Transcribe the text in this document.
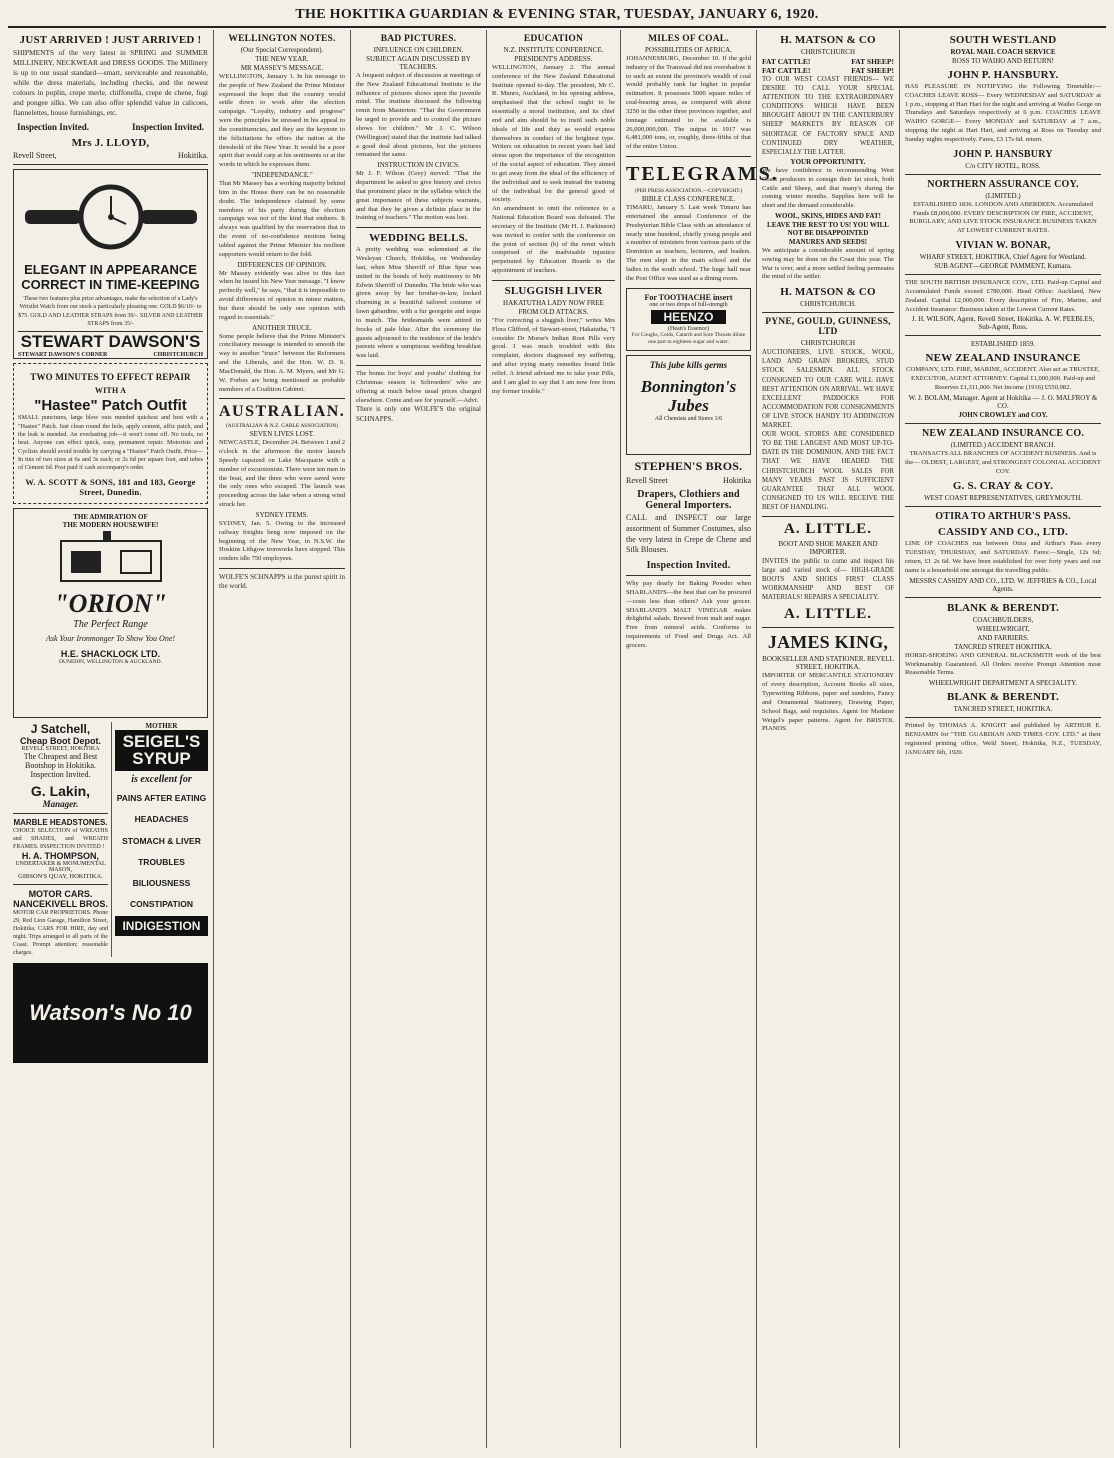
THE HOKITIKA GUARDIAN & EVENING STAR, TUESDAY, JANUARY 6, 1920.
JUST ARRIVED ! JUST ARRIVED !

SHIPMENTS of the very latest in SPRING and SUMMER MILLINERY, NECKWEAR and DRESS GOODS. The Millinery is up to our usual standard—smart, serviceable and reasonable, while the dress materials, including checks, and the newest colours in poplin, crepe merle, chiffonella, crepe de chene, fugi and pongee silks. We can also offer splendid value in calicoes, flannelettes, house furnishings, etc.

Inspection Invited.	Inspection Invited.
Mrs J. LLOYD,
Revell Street,	Hokitika.
ELEGANT IN APPEARANCE
CORRECT IN TIME-KEEPING

These two features plus price advantages, make the selection of a Lady's Wristlet Watch from our stock a particularly pleasing one. GOLD $6/10/- to $75. GOLD AND LEATHER STRAPS from 30/-. SILVER AND LEATHER STRAPS from 35/-

STEWART DAWSON'S
STEWART DAWSON'S CORNER	CHRISTCHURCH
TWO MINUTES TO EFFECT REPAIR
WITH A
"Hastee" Patch Outfit

SMALL punctures, large blow outs mended quickest and best with a "Hastee" Patch. Just clean round the hole, apply cement, affix patch, and the leak is mended. An everlasting job—it won't come off. No tools, no heat. Anyone can effect quick, easy, permanent repair. Motorists and Cyclists should avoid trouble by carrying a "Hastee" Patch Outfit. Price—In tins of two sizes at 6s and 3s each; or 2s 6d per square foot, and tubes of Cement 6d. Post paid if cash accompany's order.

W. A. SCOTT & SONS, 181 and 183, George Street, Dunedin.
THE ADMIRATION OF
THE MODERN HOUSEWIFE!
"ORION"
The Perfect Range
Ask Your Ironmonger To Show You One!
H.E. SHACKLOCK LTD.
DUNEDIN, WELLINGTON & AUCKLAND.
J Satchell,
Cheap Boot Depot.
REVELL STREET, HOKITIKA
The Cheapest and Best Bootshop in Hokitika.
Inspection Invited.
G. Lakin,
Manager.
MARBLE HEADSTONES.

CHOICE SELECTION of WREATHS and SHADES, and WREATH FRAMES. INSPECTION INVITED !

H. A. THOMPSON,
UNDERTAKER & MONUMENTAL MASON,
GIBSON'S QUAY, HOKITIKA.
MOTOR CARS.
NANCEKIVELL BROS.

MOTOR CAR PROPRIETORS. Phone 29, Red Lion Garage, Hamilton Street, Hokitika. CARS FOR HIRE, day and night. Trips arranged to all parts of the Coast. Prompt attention; reasonable charges.

MOTHER
SEIGEL'S SYRUP
is excellent for
PAINS AFTER EATING
HEADACHES
STOMACH & LIVER TROUBLES
BILIOUSNESS
CONSTIPATION
INDIGESTION
Watson's No 10
WELLINGTON NOTES.
(Our Special Correspondent).
THE NEW YEAR.
MR MASSEY'S MESSAGE.

WELLINGTON, January 1. In his message to the people of New Zealand the Prime Minister expressed the hope that the country would settle down to work after the election campaign. "Loyalty, industry and progress" were the principles he stressed in his appeal to the constituencies, and they are the keynote to the felicitations he offers the nation at the threshold of the New Year. It would be a poor spirit that would carp at his sentiments or at the words in which he expresses them.

"INDEPENDANCE."

That Mr Massey has a working majority behind him in the House there can be no reasonable doubt. The independence claimed by some members of his party during the election campaign was not of the kind that endures. It always was qualified by the reservation that in the event of no-confidence motions being tabled against the Prime Minister his resilient supporters would return to the fold.

DIFFERENCES OF OPINION.

Mr Massey evidently was alive to this fact when he issued his New Year message. "I know perfectly well," he says, "that it is impossible to avoid differences of opinion in minor matters, but there should be only one opinion with regard to essentials."

ANOTHER TRUCE.

Some people believe that the Prime Minister's conciliatory message is intended to smooth the way to another "truce" between the Reformers and the Liberals, and the Hon. W. D. S. MacDonald, the Hon. A. M. Myers, and Mr G. W. Forbes are being mentioned as probable members of a Coalition Cabinet.

AUSTRALIAN.
(AUSTRALIAN & N.Z. CABLE ASSOCIATION)
SEVEN LIVES LOST.

NEWCASTLE, December 24. Between 1 and 2 o'clock in the afternoon the motor launch Speedy capsized on Lake Macquarie with a number of excursionists. There were ten men in the boat, and the three who were saved were the only ones who escaped. The launch was proceeding across the lake when a strong wind struck her.

SYDNEY ITEMS.

SYDNEY, Jan. 5. Owing to the increased railway freights beng now imposed on the beginning of the New Year, in N.S.W. the Hoskins Lithgow ironworks have stopped. This renders idle 750 employees.

WOLFE'S SCHNAPPS is the purest spirit in the world.

BAD PICTURES.
INFLUENCE ON CHILDREN.
SUBJECT AGAIN DISCUSSED BY TEACHERS.

A frequent subject of discussion at meetings of the New Zealand Educational Institute is the influence of pictures shows upon the juvenile mind. The institute discussed the following remit from Masterton: "That the Government be urged to provide and to control the picture shows for children." Mr J. C. Wilson (Wellington) stated that the institute had talked a good deal about pictures, but the pictures remained the same.

INSTRUCTION IN CIVICS.

Mr J. F. Wilson (Grey) moved: "That the department be asked to give history and civics that prominent place in the syllabus which the great importance of these subjects warrants, and that they be given a definite place in the training of teachers." The motion was lost.

WEDDING BELLS.

A pretty wedding was solemnised at the Wesleyan Church, Hokitika, on Wednesday last, when Miss Sherriff of Blue Spur was united in the bonds of holy matrimony to Mr Edwin Sherriff of Dunedin. The bride who was given away by her brother-in-law, looked charming in a beautiful tailored costume of fawn gabardine, with a fur georgette and toque to match. The bridesmaids were attired in frocks of pale blue. After the ceremony the guests adjourned to the residence of the bride's parents where a sumptuous wedding breakfast was laid.

The bonus for boys' and youths' clothing for Christmas season is Schroeders' who are offering at much below usual prices charged elsewhere. Come and see for yourself.—Advt.

There is only one WOLFE'S the original SCHNAPPS.

EDUCATION
N.Z. INSTITUTE CONFERENCE.
PRESIDENT'S ADDRESS.

WELLINGTON, January 2. The annual conference of the New Zealand Educational Institute opened to-day. The president, Mr C. R. Munro, Auckland, in his opening address, emphasised that the school ought to be essentially a moral institution, and its chief end and aim should be to instil such noble ideals of life and duty as would express themselves in conduct of the brightest type. Writers on education in recent years had laid stress upon the importance of the recognition of the social aspect of education. They aimed to get away from the ideal of the efficiency of the individual and to seek instead the training of the individual for the general good of society.

An amendment to omit the reference to a National Education Board was defeated. The secretary of the Institute (Mr H. J. Parkinson) was invited to confer with the conference on the point of section (b) of the remit which comprised of the inadvisable injustice perpetrated by Education Boards in the appointment of teachers.

SLUGGISH LIVER
HAKATUTHA LADY NOW FREE
FROM OLD ATTACKS.

"For correcting a sluggish liver," writes Mrs Flora Clifford, of Stewart-street, Hakatutha, "I consider Dr Morse's Indian Root Pills very good. I was much troubled with this complaint, doctors diagnosed my suffering, and after trying many remedies found little relief. A friend advised me to take your Pills, and I am glad to say that I am now free from my former trouble."

MILES OF COAL.
POSSIBILITIES OF AFRICA.

JOHANNESBURG, December 10. If the gold industry of the Transvaal did not overshadow it to such an extent the province's wealth of coal would probably rank far higher in popular estimation. It possesses 5000 square miles of coal-bearing areas, as compared with about 3250 in the other three provinces together, and tonnage estimated to be available is 26,000,000,000. The output in 1917 was 6,481,000 tons, or, roughly, three-fifths of that of the entire Union.

TELEGRAMS.
(PER PRESS ASSOCIATION.—COPYRIGHT.)
BIBLE CLASS CONFERENCE.

TIMARU, January 5. Last week Timaru has entertained the annual Conference of the Presbyterian Bible Class with an attendance of nearly nine hundred, chiefly young people and a number of ministers from various parts of the Dominion as teachers, lecturers, and leaders. The men slept in the main school and the ladies in the south school. The huge hall near the Post Office was used as a dining room.

For TOOTHACHE insert
one or two drops of full-strength
HEENZO
(Hean's Essence)

For Coughs, Colds, Catarrh and Sore Throats dilute one part to eighteen sugar and water.

This jube kills germs
Bonnington's Jubes
All Chemists and Stores 1/6
STEPHEN'S BROS.
Revell Street	Hokitika
Drapers, Clothiers and General Importers.

CALL and INSPECT our large assortment of Summer Costumes, also the very latest in Crepe de Chene and Silk Blouses.

Inspection Invited.

Why pay dearly for Baking Powder when SHARLAND'S—the best that can be procured—costs less than others? Ask your grocer. SHARLAND'S MALT VINEGAR makes delightful salads. Brewed from malt and sugar. Free from mineral acids. Conforms to requirements of Food and Drugs Act. All grocers.

H. MATSON & CO
CHRISTCHURCH
FAT CATTLE!
FAT CATTLE!
FAT SHEEP!
FAT SHEEP!

TO OUR WEST COAST FRIENDS— WE DESIRE TO CALL YOUR SPECIAL ATTENTION TO THE EXTRAORDINARY CONDITIONS WHICH HAVE BEEN BROUGHT ABOUT IN THE CANTERBURY SHEEP MARKETS BY REASON OF SHORTAGE OF FACTORY SPACE AND CONTINUED DRY WEATHER, ESPECIALLY THE LATTER.

YOUR OPPORTUNITY.

We have confidence in recommending West Coast producers to consign their fat stock, both Cattle and Sheep, and that many's during the coming winter months. Supplies here will be short and the demand considerable.

WOOL, SKINS, HIDES AND FAT!
LEAVE THE REST TO US! YOU WILL NOT BE DISAPPOINTED
MANURES AND SEEDS!

We anticipate a considerable amount of spring sowing may be done on the Coast this year. The War is over, and a more settled feeling permeates the mind of the settler.

H. MATSON & CO
CHRISTCHURCH.
PYNE, GOULD, GUINNESS, LTD
CHRISTCHURCH

AUCTIONEERS, LIVE STOCK, WOOL, LAND AND GRAIN BROKERS, STUD STOCK SALESMEN. ALL STOCK CONSIGNED TO OUR CARE WILL HAVE BEST ATTENTION ON ARRIVAL. WE HAVE EXCELLENT PADDOCKS FOR ACCOMMODATION FOR CONSIGNMENTS OF LIVE STOCK HANDY TO ADDINGTON MARKET.

OUR WOOL STORES ARE CONSIDERED TO BE THE LARGEST AND MOST UP-TO-DATE IN THE DOMINION, AND THE FACT THAT WE HAVE HEADED THE CHRISTCHURCH WOOL SALES FOR MANY YEARS PAST IS SUFFICIENT GUARANTEE THAT ALL WOOL CONSIGNED TO US WILL RECEIVE THE BEST OF HANDLING.

A. LITTLE.
BOOT AND SHOE MAKER AND IMPORTER.

INVITES the public to come and inspect his large and varied stock of— HIGH-GRADE BOOTS AND SHOES FIRST CLASS WORKMANSHIP AND BEST OF MATERIALS! REPAIRS A SPECIALITY.

A. LITTLE.
JAMES KING,
BOOKSELLER AND STATIONER. REVELL STREET, HOKITIKA.

IMPORTER OF MERCANTILE STATIONERY of every description, Account Books all sizes, Typewriting Ribbons, paper and sundries, Fancy and Ornamental Stationery, Drawing Paper, School Bags, and requisites. Agent for Madame Weigel's paper patterns. Agent for BRISTOL PIANOS.

SOUTH WESTLAND
ROYAL MAIL COACH SERVICE
ROSS TO WAIHO AND RETURN!
JOHN P. HANSBURY.

HAS PLEASURE IN NOTIFYING the Following Timetable:— COACHES LEAVE ROSS— Every WEDNESDAY and SATURDAY at 1 p.m., stopping at Hari Hari for the night and arriving at Waiho Gorge on Thursdays and Saturdays respectively at 6 p.m. COACHES LEAVE WAIHO GORGE— Every MONDAY and SATURDAY at 7 a.m., stopping the night at Hari Hari, and arriving at Ross on Tuesday and Sunday nights respectively. Fares, £3 17s 6d. return.

JOHN P. HANSBURY
C/o CITY HOTEL, ROSS.
NORTHERN ASSURANCE COY.
(LIMITED.)

ESTABLISHED 1836. LONDON AND ABERDEEN. Accumulated Funds £8,000,000. EVERY DESCRIPTION OF FIRE, ACCIDENT, BURGLARY, AND LIVE STOCK INSURANCE BUSINESS TAKEN AT LOWEST CURRENT RATES.

VIVIAN W. BONAR,
WHARF STREET, HOKITIKA, Chief Agent for Westland.
SUB AGENT—GEORGE PAMMENT, Kumara.

THE SOUTH BRITISH INSURANCE COY., LTD. Paid-up Capital and Accumulated Funds exceed £780,000. Head Office: Auckland, New Zealand. Capital £2,000,000. Every description of Fire, Marine, and Accident Insurance: Business taken at the Lowest Current Rates.

J. H. WILSON, Agent, Revell Street, Hokitika. A. W. PEEBLES, Sub-Agent, Ross.
ESTABLISHED 1859.
NEW ZEALAND INSURANCE

COMPANY, LTD. FIRE, MARINE, ACCIDENT. Also act as TRUSTEE, EXECUTOR, AGENT ATTORNEY. Capital £1,000,000. Paid-up and Reserves £1,311,000. Net Income (1916) £550,982.

W. J. BOLAM, Manager. Agent at Hokitika — J. O. MALFROY & CO.
JOHN CROWLEY and COY.
NEW ZEALAND INSURANCE CO.
(LIMITED.) ACCIDENT BRANCH.

TRANSACTS ALL BRANCHES OF ACCIDENT BUSINESS. And is the— OLDEST, LARGEST, and STRONGEST COLONIAL ACCIDENT COY.

G. S. CRAY & COY.
WEST COAST REPRESENTATIVES, GREYMOUTH.
OTIRA TO ARTHUR'S PASS.
CASSIDY AND CO., LTD.

LINE OF COACHES run between Otira and Arthur's Pass every TUESDAY, THURSDAY, and SATURDAY. Fares:—Single, 12s 6d; return, £1 2s 6d. We have been established for over forty years and our name is a household one amongst the travelling public.

MESSRS CASSIDY AND CO., LTD. W. JEFFRIES & CO., Local Agents.
BLANK & BERENDT.
COACHBUILDERS,
WHEELWRIGHT,
AND FARRIERS.
TANCRED STREET HOKITIKA.

HORSE-SHOEING AND GENERAL BLACKSMITH work of the best Workmanship Guaranteed. All Orders receive Prompt Attention most Reasonable Terms.

WHEELWRIGHT DEPARTMENT A SPECIALITY.
BLANK & BERENDT.
TANCRED STREET, HOKITIKA.

Printed by THOMAS A. KNIGHT and published by ARTHUR E. BENJAMIN for "THE GUARDIAN AND TIMES COY. LTD." at their registered printing office, Weld Street, Hokitika, N.Z., TUESDAY, JANUARY 6th, 1920.
